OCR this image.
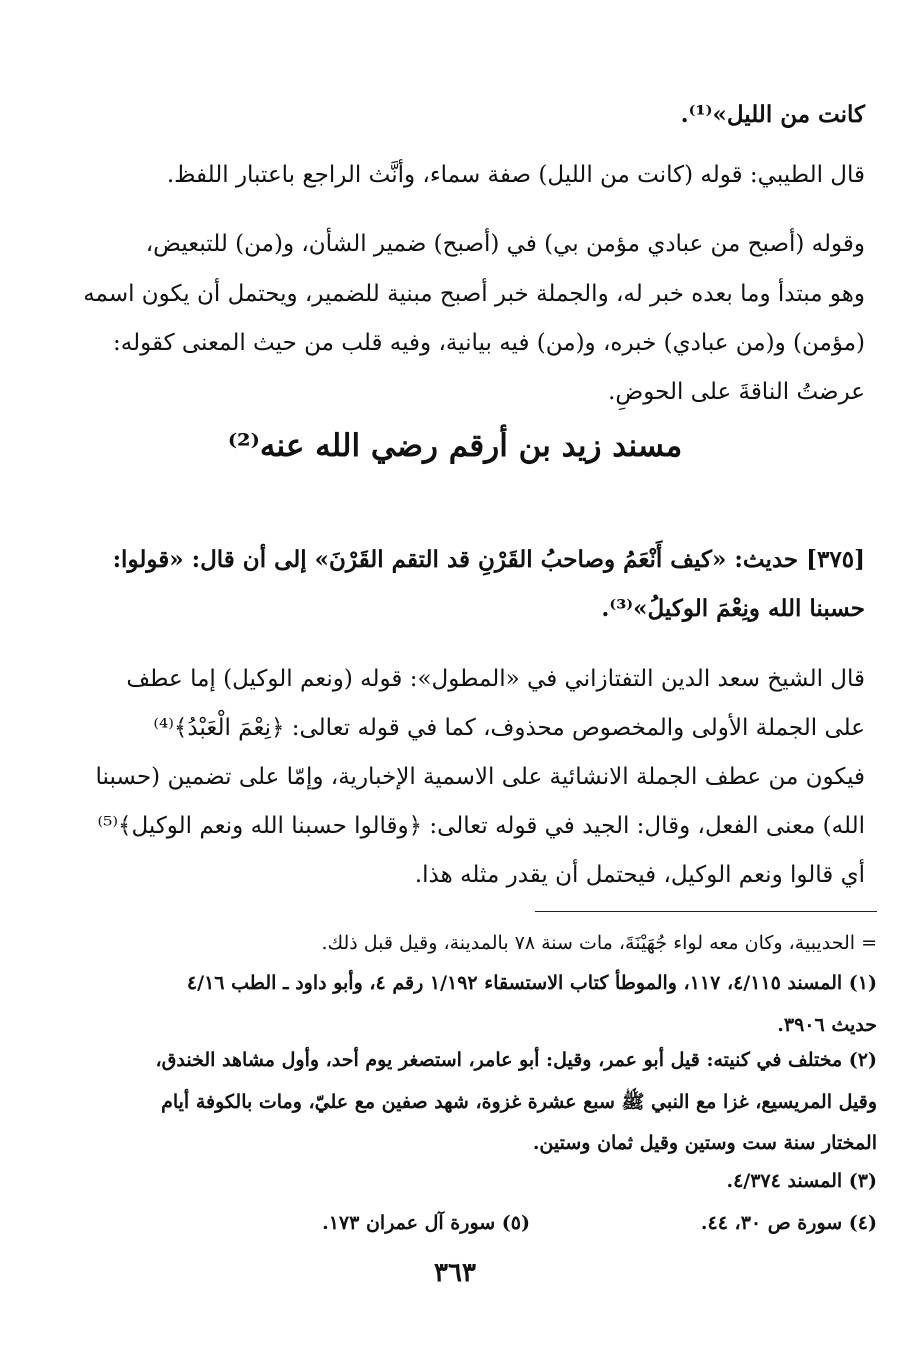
كانت من الليل»⁽¹⁾.
قال الطيبي: قوله (كانت من الليل) صفة سماء، وأنَّث الراجع باعتبار اللفظ.
وقوله (أصبح من عبادي مؤمن بي) في (أصبح) ضمير الشأن، و(من) للتبعيض،
وهو مبتدأ وما بعده خبر له، والجملة خبر أصبح مبنية للضمير، ويحتمل أن يكون اسمه
(مؤمن) و(من عبادي) خبره، و(من) فيه بيانية، وفيه قلب من حيث المعنى كقوله:
عرضتُ الناقةَ على الحوضِ.
مسند زيد بن أرقم رضي الله عنه⁽²⁾
[٣٧٥] حديث: «كيف أَنْعَمُ وصاحبُ القَرْنِ قد التقم القَرْنَ» إلى أن قال: «قولوا:
حسبنا الله ونِعْمَ الوكيلُ»⁽³⁾.
قال الشيخ سعد الدين التفتازاني في «المطول»: قوله (ونعم الوكيل) إما عطف
على الجملة الأولى والمخصوص محذوف، كما في قوله تعالى: ﴿نِعْمَ الْعَبْدُ﴾⁽⁴⁾
فيكون من عطف الجملة الانشائية على الاسمية الإخبارية، وإمّا على تضمين (حسبنا
الله) معنى الفعل، وقال: الجيد في قوله تعالى: ﴿وقالوا حسبنا الله ونعم الوكيل﴾⁽⁵⁾
أي قالوا ونعم الوكيل، فيحتمل أن يقدر مثله هذا.
= الحديبية، وكان معه لواء جُهَيْنَةَ، مات سنة ٧٨ بالمدينة، وقيل قبل ذلك.
(١) المسند ٤/١١٥، ١١٧، والموطأ كتاب الاستسقاء ١/١٩٢ رقم ٤، وأبو داود ـ الطب ٤/١٦
حديث ٣٩٠٦.
(٢) مختلف في كنيته: قيل أبو عمر، وقيل: أبو عامر، استصغر يوم أحد، وأول مشاهد الخندق،
وقيل المريسيع، غزا مع النبي ﷺ سبع عشرة غزوة، شهد صفين مع عليّ، ومات بالكوفة أيام
المختار سنة ست وستين وقيل ثمان وستين.
(٣) المسند ٤/٣٧٤.
(٤) سورة ص ٣٠، ٤٤.
(٥) سورة آل عمران ١٧٣.
٣٦٣
